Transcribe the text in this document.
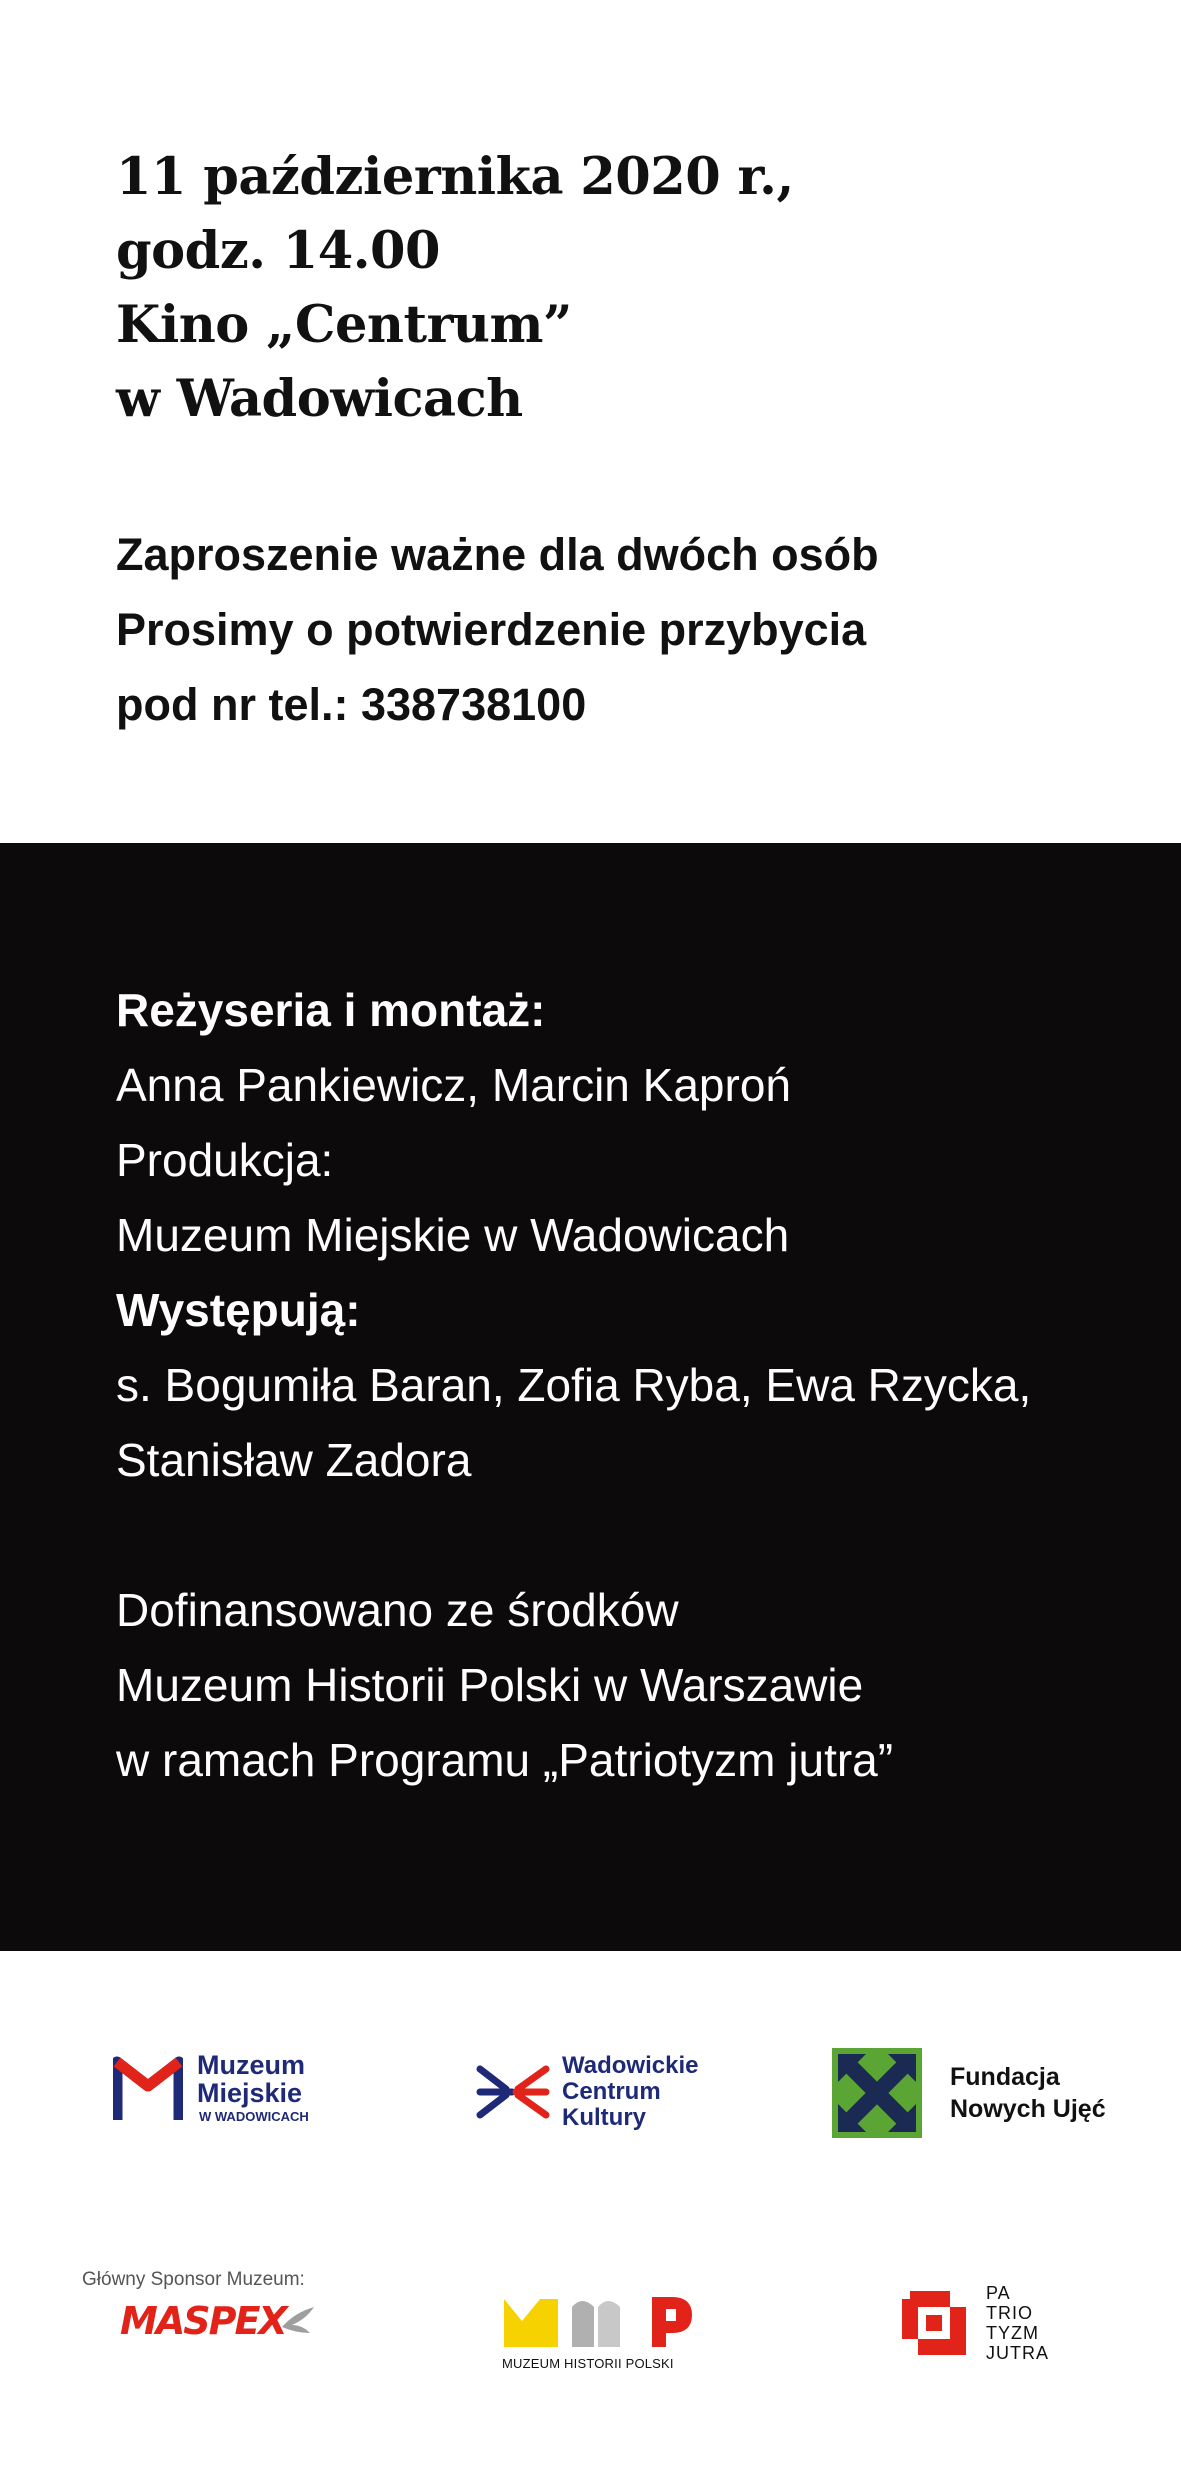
11 października 2020 r.,
godz. 14.00
Kino „Centrum”
w Wadowicach
Zaproszenie ważne dla dwóch osób
Prosimy o potwierdzenie przybycia
pod nr tel.: 338738100
Reżyseria i montaż:
Anna Pankiewicz, Marcin Kaproń
Produkcja:
Muzeum Miejskie w Wadowicach
Występują:
s. Bogumiła Baran, Zofia Ryba, Ewa Rzycka,
Stanisław Zadora
Dofinansowano ze środków
Muzeum Historii Polski w Warszawie
w ramach Programu „Patriotyzm jutra”
Muzeum
Miejskie
W WADOWICACH
Wadowickie
Centrum
Kultury
Fundacja
Nowych Ujęć
Główny Sponsor Muzeum:
MASPEX
MUZEUM HISTORII POLSKI
PA
TRIO
TYZM
JUTRA
